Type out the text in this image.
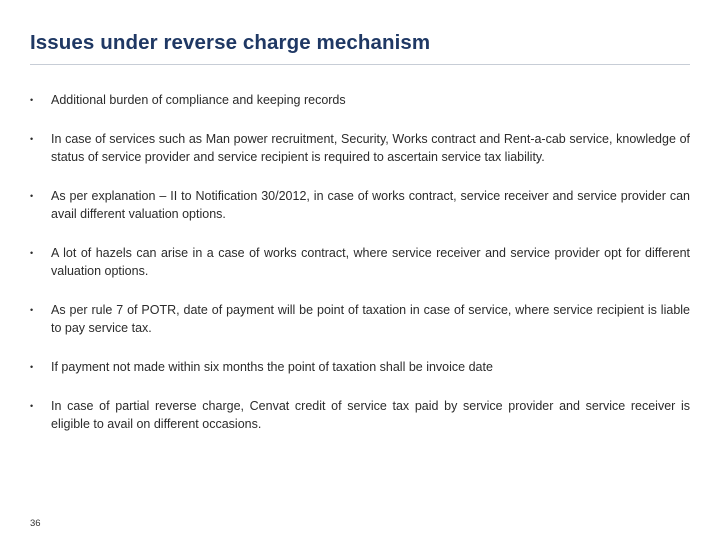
Issues under reverse charge mechanism
•	Additional burden of compliance and keeping records
•	In case of services such as Man power recruitment, Security, Works contract and Rent-a-cab service, knowledge of status of service provider and service recipient is required to ascertain service tax liability.
•	As per explanation – II to Notification 30/2012, in case of works contract, service receiver and service provider can avail different valuation options.
•	A lot of hazels can arise in a case of works contract, where service receiver and service provider opt for different valuation options.
•	As per rule 7 of POTR, date of payment will be point of taxation in case of service, where service recipient is liable to pay service tax.
•	If payment not made within six months the point of taxation shall be invoice date
•	In case of partial reverse charge, Cenvat credit of service tax paid by service provider and service receiver is eligible to avail on different occasions.
36
